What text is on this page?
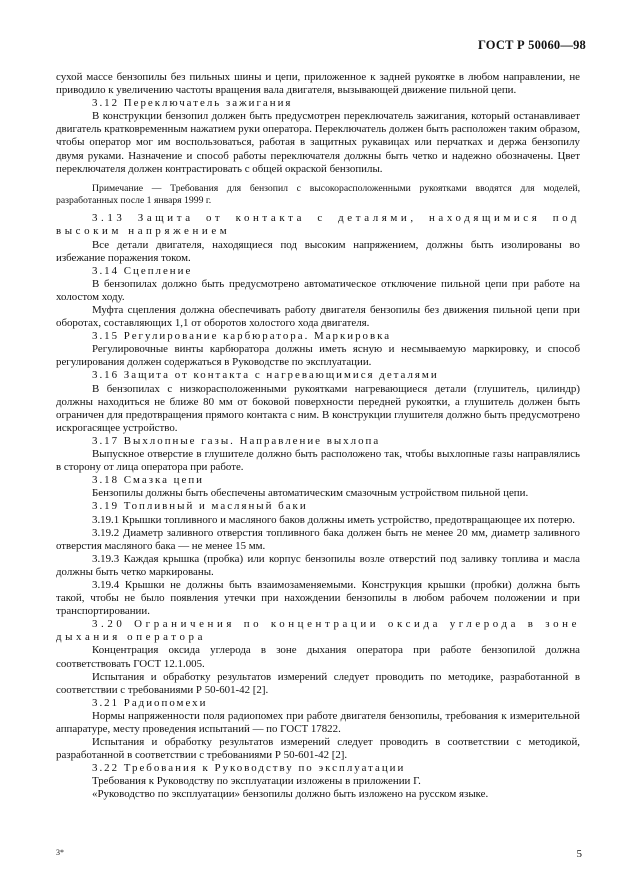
ГОСТ Р 50060—98

сухой массе бензопилы без пильных шины и цепи, приложенное к задней рукоятке в любом направлении, не приводило к увеличению частоты вращения вала двигателя, вызывающей движение пильной цепи.

3.12 Переключатель зажигания

В конструкции бензопил должен быть предусмотрен переключатель зажигания, который останавливает двигатель кратковременным нажатием руки оператора. Переключатель должен быть расположен таким образом, чтобы оператор мог им воспользоваться, работая в защитных рукавицах или перчатках и держа бензопилу двумя руками. Назначение и способ работы переключателя должны быть четко и надежно обозначены. Цвет переключателя должен контрастировать с общей окраской бензопилы.

Примечание — Требования для бензопил с высокорасположенными рукоятками вводятся для моделей, разработанных после 1 января 1999 г.

3.13 Защита от контакта с деталями, находящимися под высоким напряжением

Все детали двигателя, находящиеся под высоким напряжением, должны быть изолированы во избежание поражения током.

3.14 Сцепление

В бензопилах должно быть предусмотрено автоматическое отключение пильной цепи при работе на холостом ходу.

Муфта сцепления должна обеспечивать работу двигателя бензопилы без движения пильной цепи при оборотах, составляющих 1,1 от оборотов холостого хода двигателя.

3.15 Регулирование карбюратора. Маркировка

Регулировочные винты карбюратора должны иметь ясную и несмываемую маркировку, и способ регулирования должен содержаться в Руководстве по эксплуатации.

3.16 Защита от контакта с нагревающимися деталями

В бензопилах с низкорасположенными рукоятками нагревающиеся детали (глушитель, цилиндр) должны находиться не ближе 80 мм от боковой поверхности передней рукоятки, а глушитель должен быть ограничен для предотвращения прямого контакта с ним. В конструкции глушителя должно быть предусмотрено искрогасящее устройство.

3.17 Выхлопные газы. Направление выхлопа

Выпускное отверстие в глушителе должно быть расположено так, чтобы выхлопные газы направлялись в сторону от лица оператора при работе.

3.18 Смазка цепи

Бензопилы должны быть обеспечены автоматическим смазочным устройством пильной цепи.

3.19 Топливный и масляный баки

3.19.1 Крышки топливного и масляного баков должны иметь устройство, предотвращающее их потерю.

3.19.2 Диаметр заливного отверстия топливного бака должен быть не менее 20 мм, диаметр заливного отверстия масляного бака — не менее 15 мм.

3.19.3 Каждая крышка (пробка) или корпус бензопилы возле отверстий под заливку топлива и масла должны быть четко маркированы.

3.19.4 Крышки не должны быть взаимозаменяемыми. Конструкция крышки (пробки) должна быть такой, чтобы не было появления утечки при нахождении бензопилы в любом рабочем положении и при транспортировании.

3.20 Ограничения по концентрации оксида углерода в зоне дыхания оператора

Концентрация оксида углерода в зоне дыхания оператора при работе бензопилой должна соответствовать ГОСТ 12.1.005.

Испытания и обработку результатов измерений следует проводить по методике, разработанной в соответствии с требованиями Р 50-601-42 [2].

3.21 Радиопомехи

Нормы напряженности поля радиопомех при работе двигателя бензопилы, требования к измерительной аппаратуре, месту проведения испытаний — по ГОСТ 17822.

Испытания и обработку результатов измерений следует проводить в соответствии с методикой, разработанной в соответствии с требованиями Р 50-601-42 [2].

3.22 Требования к Руководству по эксплуатации

Требования к Руководству по эксплуатации изложены в приложении Г.

«Руководство по эксплуатации» бензопилы должно быть изложено на русском языке.

3*	5
